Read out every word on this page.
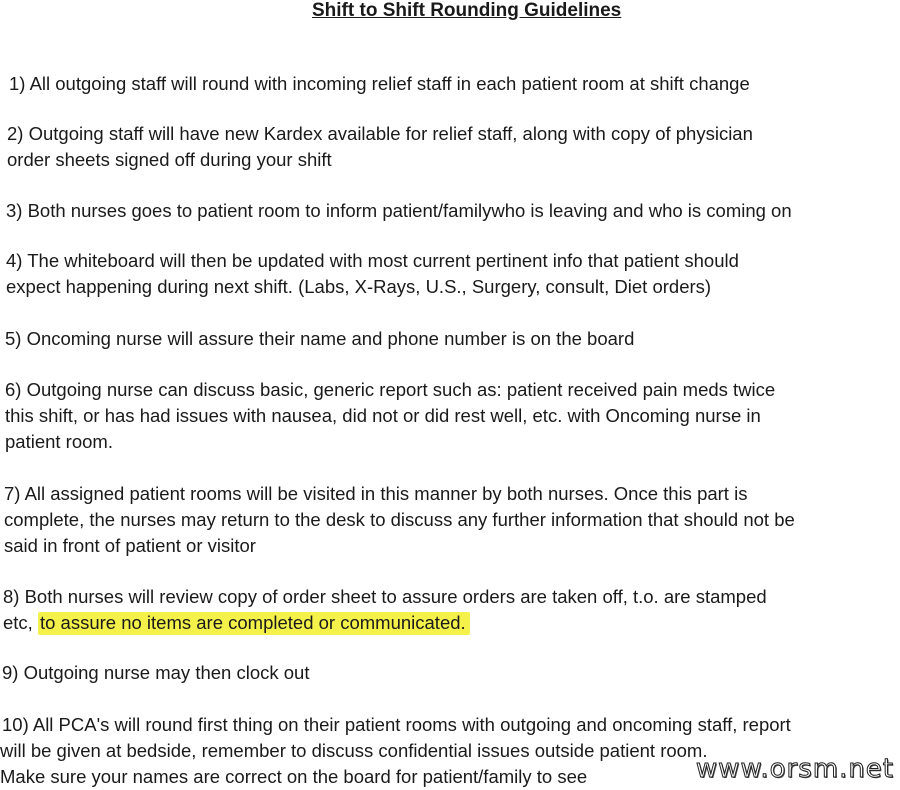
Shift to Shift Rounding Guidelines
1) All outgoing staff will round with incoming relief staff in each patient room at shift change
2) Outgoing staff will have new Kardex available for relief staff, along with copy of physician
order sheets signed off during your shift
3) Both nurses goes to patient room to inform patient/familywho is leaving and who is coming on
4) The whiteboard will then be updated with most current pertinent info that patient should
expect happening during next shift. (Labs, X-Rays, U.S., Surgery, consult, Diet orders)
5) Oncoming nurse will assure their name and phone number is on the board
6) Outgoing nurse can discuss basic, generic report such as: patient received pain meds twice
this shift, or has had issues with nausea, did not or did rest well, etc. with Oncoming nurse in
patient room.
7) All assigned patient rooms will be visited in this manner by both nurses. Once this part is
complete, the nurses may return to the desk to discuss any further information that should not be
said in front of patient or visitor
8) Both nurses will review copy of order sheet to assure orders are taken off, t.o. are stamped
etc, to assure no items are completed or communicated.
9) Outgoing nurse may then clock out
10) All PCA's will round first thing on their patient rooms with outgoing and oncoming staff, report
will be given at bedside, remember to discuss confidential issues outside patient room.
Make sure your names are correct on the board for patient/family to see	www.orsm.net
